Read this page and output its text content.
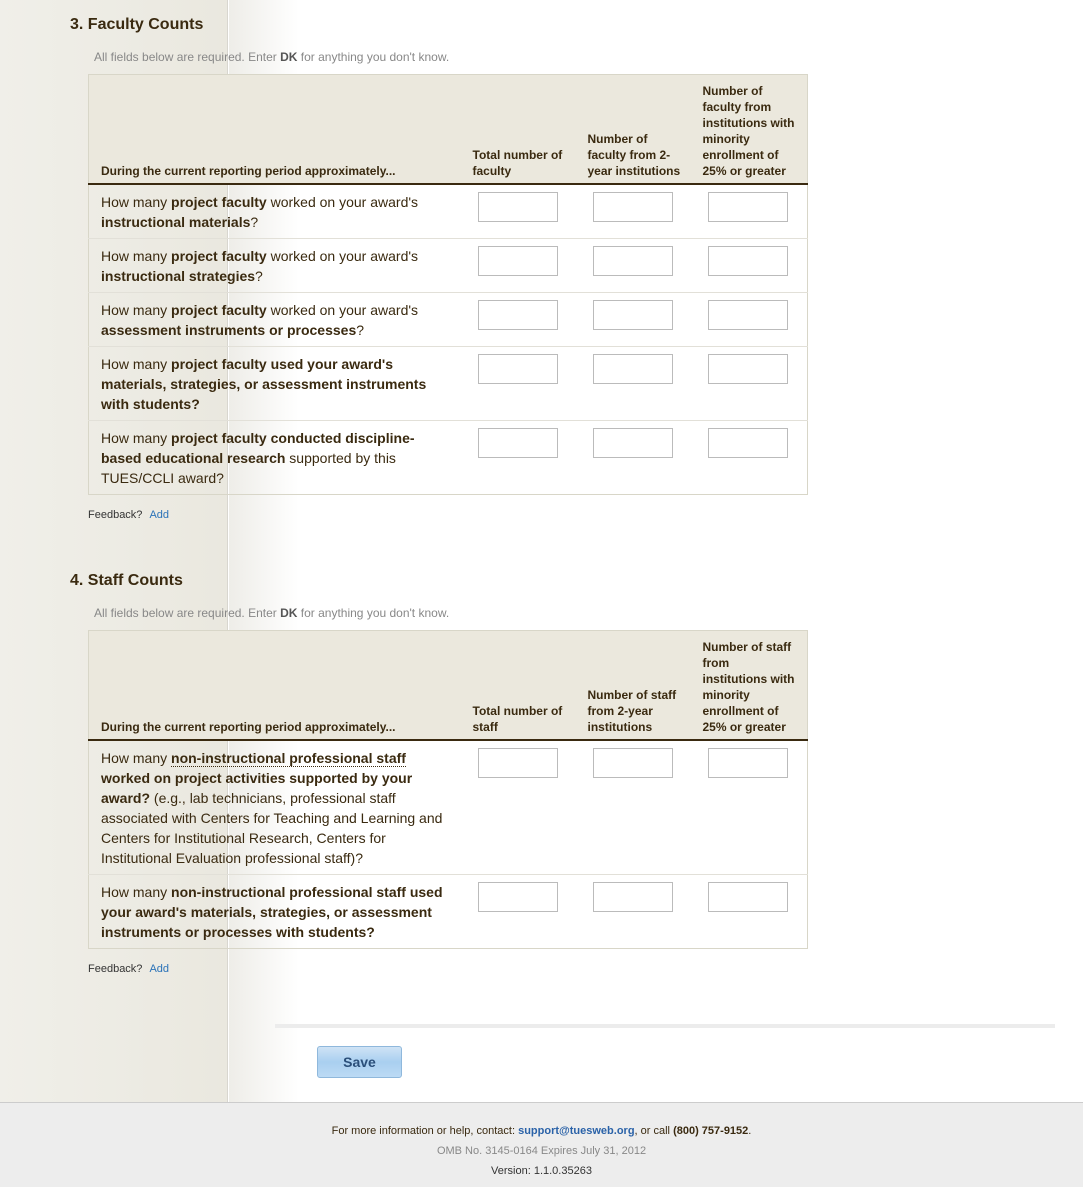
3. Faculty Counts
All fields below are required. Enter DK for anything you don't know.
During the current reporting period approximately...	Total number of faculty	Number of faculty from 2-year institutions	Number of faculty from institutions with minority enrollment of 25% or greater
How many project faculty worked on your award's instructional materials?	

How many project faculty worked on your award's instructional strategies?	

How many project faculty worked on your award's assessment instruments or processes?	

How many project faculty used your award's materials, strategies, or assessment instruments with students?	

How many project faculty conducted discipline-based educational research supported by this TUES/CCLI award?	

Feedback? Add
4. Staff Counts
All fields below are required. Enter DK for anything you don't know.
During the current reporting period approximately...	Total number of staff	Number of staff from 2-year institutions	Number of staff from institutions with minority enrollment of 25% or greater
How many non-instructional professional staff worked on project activities supported by your award? (e.g., lab technicians, professional staff associated with Centers for Teaching and Learning and Centers for Institutional Research, Centers for Institutional Evaluation professional staff)?	

How many non-instructional professional staff used your award's materials, strategies, or assessment instruments or processes with students?	

Feedback? Add
Save
For more information or help, contact: support@tuesweb.org, or call (800) 757-9152.
OMB No. 3145-0164 Expires July 31, 2012
Version: 1.1.0.35263
